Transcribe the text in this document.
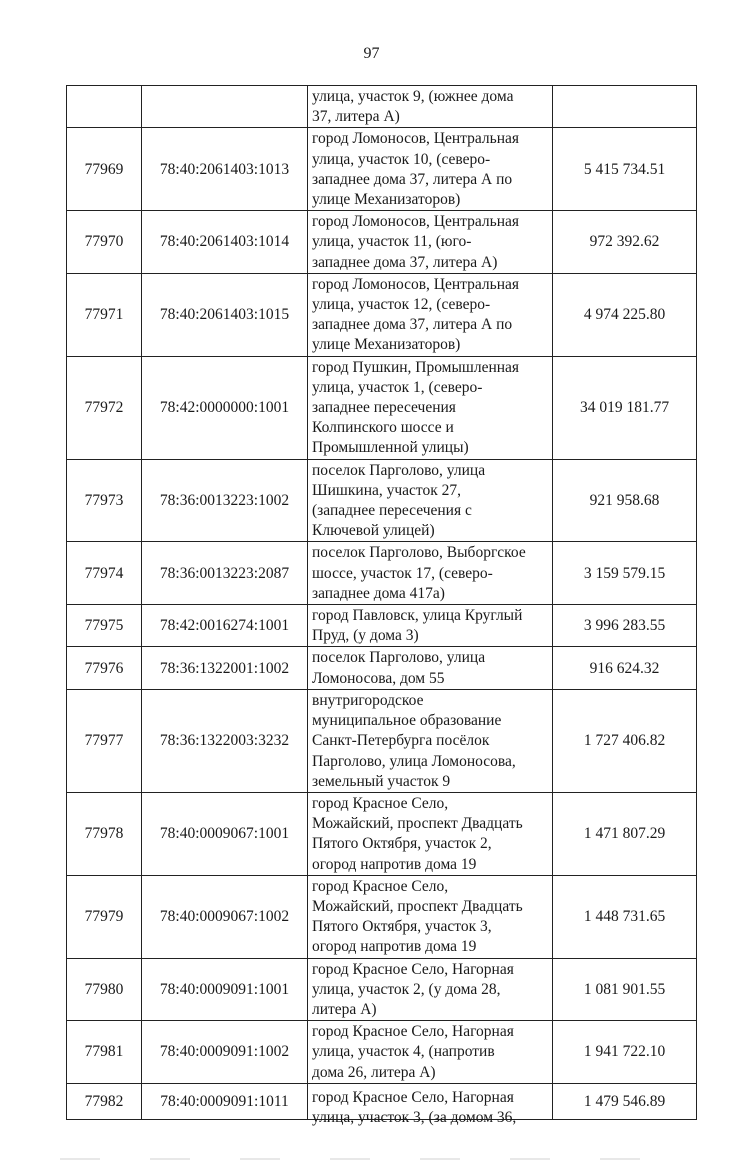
97

		улица, участок 9, (южнее дома
37, литера А)	

77969	78:40:2061403:1013	город Ломоносов, Центральная
улица, участок 10, (северо-
западнее дома 37, литера А по
улице Механизаторов)	5 415 734.51
77970	78:40:2061403:1014	город Ломоносов, Центральная
улица, участок 11, (юго-
западнее дома 37, литера А)	972 392.62
77971	78:40:2061403:1015	город Ломоносов, Центральная
улица, участок 12, (северо-
западнее дома 37, литера А по
улице Механизаторов)	4 974 225.80
77972	78:42:0000000:1001	город Пушкин, Промышленная
улица, участок 1, (северо-
западнее пересечения
Колпинского шоссе и
Промышленной улицы)	34 019 181.77
77973	78:36:0013223:1002	поселок Парголово, улица
Шишкина, участок 27,
(западнее пересечения с
Ключевой улицей)	921 958.68
77974	78:36:0013223:2087	поселок Парголово, Выборгское
шоссе, участок 17, (северо-
западнее дома 417а)	3 159 579.15
77975	78:42:0016274:1001	город Павловск, улица Круглый
Пруд, (у дома 3)	3 996 283.55
77976	78:36:1322001:1002	поселок Парголово, улица
Ломоносова, дом 55	916 624.32
77977	78:36:1322003:3232	внутригородское
муниципальное образование
Санкт-Петербурга посёлок
Парголово, улица Ломоносова,
земельный участок 9	1 727 406.82
77978	78:40:0009067:1001	город Красное Село,
Можайский, проспект Двадцать
Пятого Октября, участок 2,
огород напротив дома 19	1 471 807.29
77979	78:40:0009067:1002	город Красное Село,
Можайский, проспект Двадцать
Пятого Октября, участок 3,
огород напротив дома 19	1 448 731.65
77980	78:40:0009091:1001	город Красное Село, Нагорная
улица, участок 2, (у дома 28,
литера А)	1 081 901.55
77981	78:40:0009091:1002	город Красное Село, Нагорная
улица, участок 4, (напротив
дома 26, литера А)	1 941 722.10
77982	78:40:0009091:1011	город Красное Село, Нагорная
улица, участок 3, (за домом 36,	1 479 546.89
